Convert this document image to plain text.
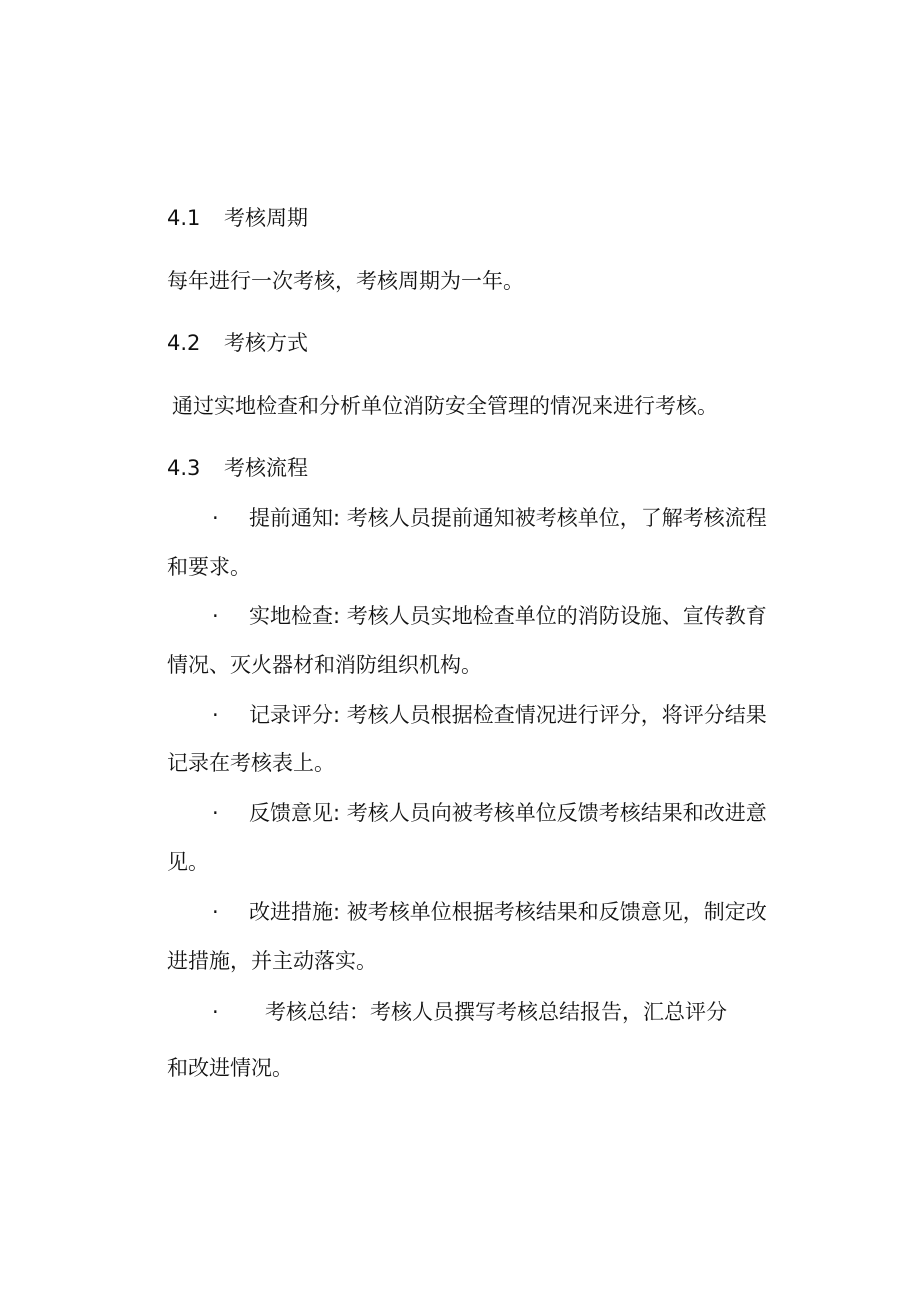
4.1 考核周期
每年进行一次考核，考核周期为一年。
4.2 考核方式
通过实地检查和分析单位消防安全管理的情况来进行考核。
4.3 考核流程
· 提前通知: 考核人员提前通知被考核单位，了解考核流程
和要求。
· 实地检查: 考核人员实地检查单位的消防设施、宣传教育
情况、灭火器材和消防组织机构。
· 记录评分: 考核人员根据检查情况进行评分，将评分结果
记录在考核表上。
· 反馈意见: 考核人员向被考核单位反馈考核结果和改进意
见。
· 改进措施: 被考核单位根据考核结果和反馈意见，制定改
进措施，并主动落实。
· 考核总结：考核人员撰写考核总结报告，汇总评分
和改进情况。
